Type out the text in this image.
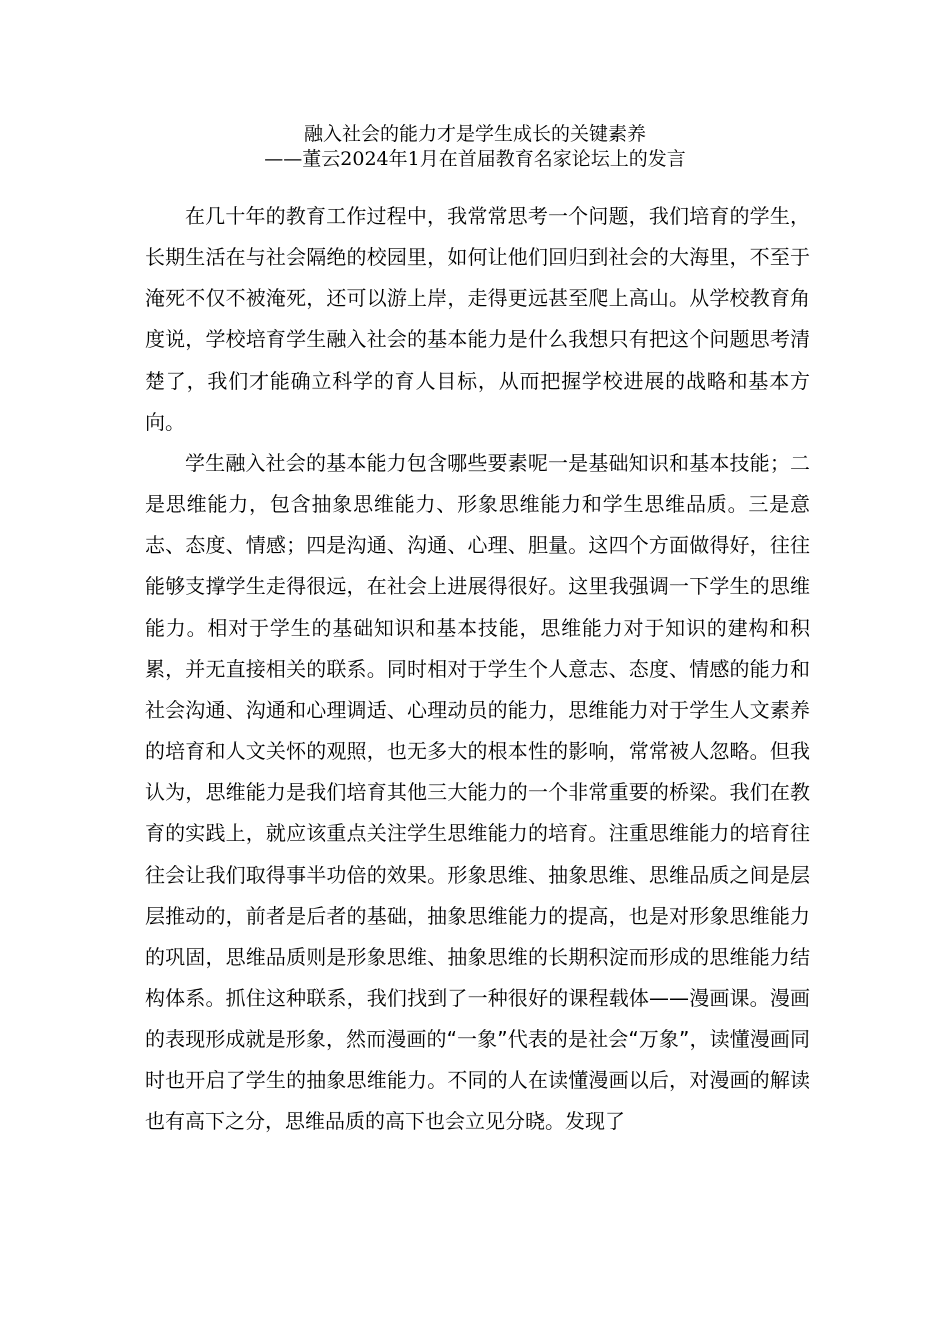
融入社会的能力才是学生成长的关键素养
——董云2024年1月在首届教育名家论坛上的发言

在几十年的教育工作过程中，我常常思考一个问题，我们培育的学生，长期生活在与社会隔绝的校园里，如何让他们回归到社会的大海里，不至于淹死不仅不被淹死，还可以游上岸，走得更远甚至爬上高山。从学校教育角度说，学校培育学生融入社会的基本能力是什么我想只有把这个问题思考清楚了，我们才能确立科学的育人目标，从而把握学校进展的战略和基本方向。

学生融入社会的基本能力包含哪些要素呢一是基础知识和基本技能；二是思维能力，包含抽象思维能力、形象思维能力和学生思维品质。三是意志、态度、情感；四是沟通、沟通、心理、胆量。这四个方面做得好，往往能够支撑学生走得很远，在社会上进展得很好。这里我强调一下学生的思维能力。相对于学生的基础知识和基本技能，思维能力对于知识的建构和积累，并无直接相关的联系。同时相对于学生个人意志、态度、情感的能力和社会沟通、沟通和心理调适、心理动员的能力，思维能力对于学生人文素养的培育和人文关怀的观照，也无多大的根本性的影响，常常被人忽略。但我认为，思维能力是我们培育其他三大能力的一个非常重要的桥梁。我们在教育的实践上，就应该重点关注学生思维能力的培育。注重思维能力的培育往往会让我们取得事半功倍的效果。形象思维、抽象思维、思维品质之间是层层推动的，前者是后者的基础，抽象思维能力的提高，也是对形象思维能力的巩固，思维品质则是形象思维、抽象思维的长期积淀而形成的思维能力结构体系。抓住这种联系，我们找到了一种很好的课程载体——漫画课。漫画的表现形成就是形象，然而漫画的“一象”代表的是社会“万象”，读懂漫画同时也开启了学生的抽象思维能力。不同的人在读懂漫画以后，对漫画的解读也有高下之分，思维品质的高下也会立见分晓。发现了
